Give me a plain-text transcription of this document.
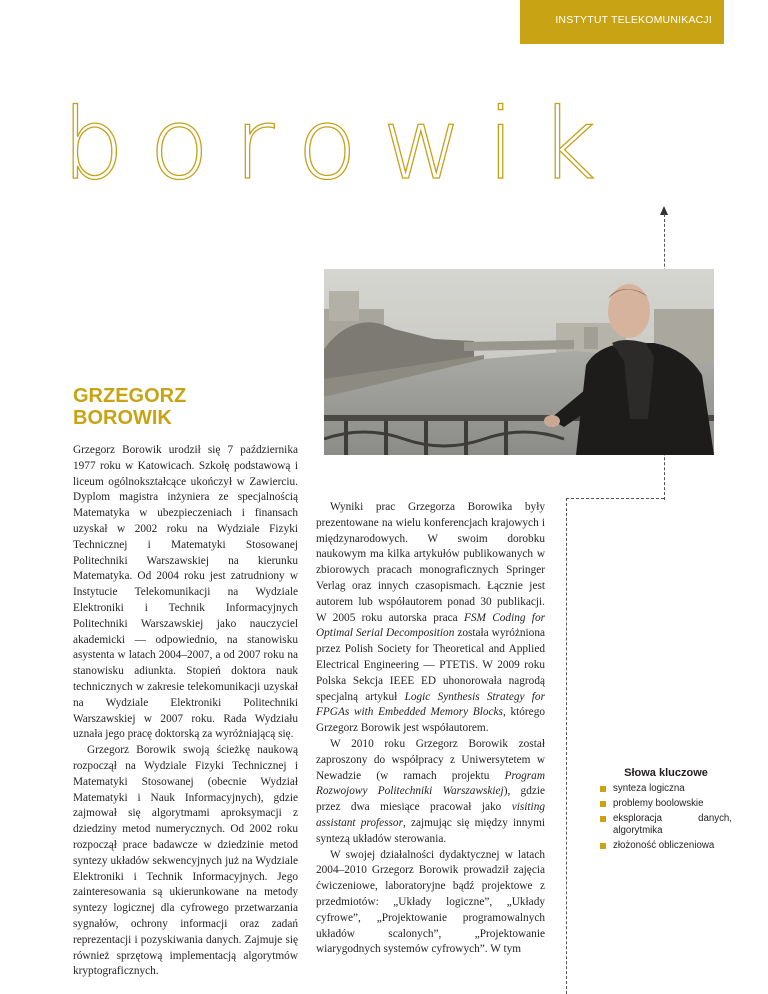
INSTYTUT TELEKOMUNIKACJI
borowik
GRZEGORZ
BOROWIK

Grzegorz Borowik urodził się 7 października 1977 roku w Katowicach. Szkołę podstawową i liceum ogólnokształcące ukończył w Zawierciu. Dyplom magistra inżyniera ze specjalnością Matematyka w ubezpieczeniach i finansach uzyskał w 2002 roku na Wydziale Fizyki Technicznej i Matematyki Stosowanej Politechniki Warszawskiej na kierunku Matematyka. Od 2004 roku jest zatrudniony w Instytucie Telekomunikacji na Wydziale Elektroniki i Technik Informacyjnych Politechniki Warszawskiej jako nauczyciel akademicki — odpowiednio, na stanowisku asystenta w latach 2004–2007, a od 2007 roku na stanowisku adiunkta. Stopień doktora nauk technicznych w zakresie telekomunikacji uzyskał na Wydziale Elektroniki Politechniki Warszawskiej w 2007 roku. Rada Wydziału uznała jego pracę doktorską za wyróżniającą się.

Grzegorz Borowik swoją ścieżkę naukową rozpoczął na Wydziale Fizyki Technicznej i Matematyki Stosowanej (obecnie Wydział Matematyki i Nauk Informacyjnych), gdzie zajmował się algorytmami aproksymacji z dziedziny metod numerycznych. Od 2002 roku rozpoczął prace badawcze w dziedzinie metod syntezy układów sekwencyjnych już na Wydziale Elektroniki i Technik Informacyjnych. Jego zainteresowania są ukierunkowane na metody syntezy logicznej dla cyfrowego przetwarzania sygnałów, ochrony informacji oraz zadań reprezentacji i pozyskiwania danych. Zajmuje się również sprzętową implementacją algorytmów kryptograficznych.

Wyniki prac Grzegorza Borowika były prezentowane na wielu konferencjach krajowych i międzynarodowych. W swoim dorobku naukowym ma kilka artykułów publikowanych w zbiorowych pracach monograficznych Springer Verlag oraz innych czasopismach. Łącznie jest autorem lub współautorem ponad 30 publikacji. W 2005 roku autorska praca FSM Coding for Optimal Serial Decomposition została wyróżniona przez Polish Society for Theoretical and Applied Electrical Engineering — PTETiS. W 2009 roku Polska Sekcja IEEE ED uhonorowała nagrodą specjalną artykuł Logic Synthesis Strategy for FPGAs with Embedded Memory Blocks, którego Grzegorz Borowik jest współautorem.

W 2010 roku Grzegorz Borowik został zaproszony do współpracy z Uniwersytetem w Newadzie (w ramach projektu Program Rozwojowy Politechniki Warszawskiej), gdzie przez dwa miesiące pracował jako visiting assistant professor, zajmując się między innymi syntezą układów sterowania.

W swojej działalności dydaktycznej w latach 2004–2010 Grzegorz Borowik prowadził zajęcia ćwiczeniowe, laboratoryjne bądź projektowe z przedmiotów: „Układy logiczne”, „Układy cyfrowe”, „Projektowanie programowalnych układów scalonych”, „Projektowanie wiarygodnych systemów cyfrowych”. W tym

Słowa kluczowe
synteza logiczna
problemy boolowskie
eksploracja danych, algorytmika
złożoność obliczeniowa
